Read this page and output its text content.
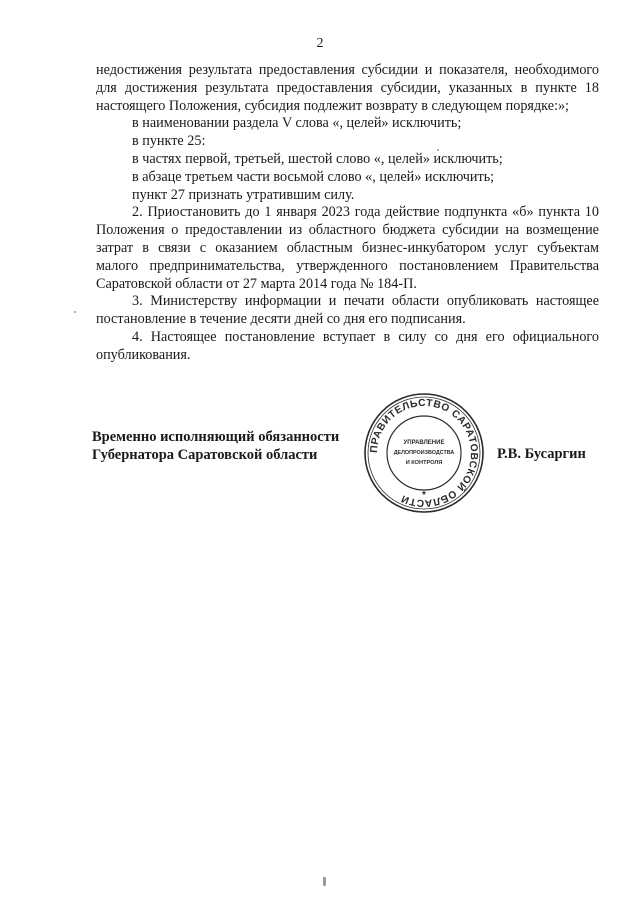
2

недостижения результата предоставления субсидии и показателя, необходимого для достижения результата предоставления субсидии, указанных в пункте 18 настоящего Положения, субсидия подлежит возврату в следующем порядке:»;

в наименовании раздела V слова «, целей» исключить;

в пункте 25:

в частях первой, третьей, шестой слово «, целей» исключить;

в абзаце третьем части восьмой слово «, целей» исключить;

пункт 27 признать утратившим силу.

2. Приостановить до 1 января 2023 года действие подпункта «б» пункта 10 Положения о предоставлении из областного бюджета субсидии на возмещение затрат в связи с оказанием областным бизнес-инкубатором услуг субъектам малого предпринимательства, утвержденного постановлением Правительства Саратовской области от 27 марта 2014 года № 184-П.

3. Министерству информации и печати области опубликовать настоящее постановление в течение десяти дней со дня его подписания.

4. Настоящее постановление вступает в силу со дня его официального опубликования.

Временно исполняющий обязанности
Губернатора Саратовской области	ПРАВИТЕЛЬСТВО САРАТОВСКОЙ ОБЛАСТИ
УПРАВЛЕНИЕ
ДЕЛОПРОИЗВОДСТВА
И КОНТРОЛЯ
*
Р.В. Бусаргин
